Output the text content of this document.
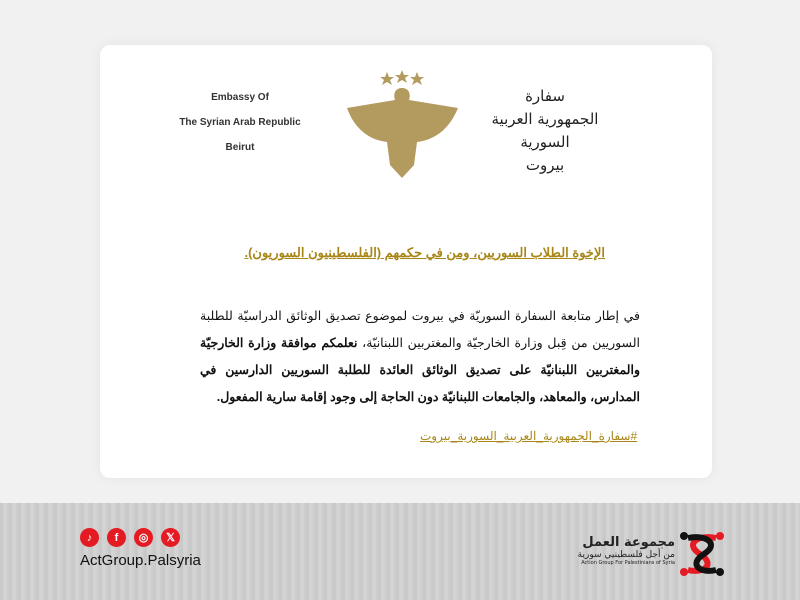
Embassy Of
The Syrian Arab Republic
Beirut
سفارة
الجمهورية العربية السورية
بيروت
الإخوة الطلاب السوريين، ومن في حكمهم (الفلسطينيون السوريون).
في إطار متابعة السفارة السوريّة في بيروت لموضوع تصديق الوثائق الدراسيّة للطلبة السوريين من قِبل وزارة الخارجيّة والمغتربين اللبنانيّة، نعلمكم موافقة وزارة الخارجيّة والمغتربين اللبنانيّة على تصديق الوثائق العائدة للطلبة السوريين الدارسين في المدارس، والمعاهد، والجامعات اللبنانيّة دون الحاجة إلى وجود إقامة سارية المفعول.
#سفارة_الجمهورية_العربية_السورية_بيروت
♪	f	◎	𝕏
ActGroup.Palsyria
مجموعة العمل
من أجل فلسطينيي سورية
Action Group For Palestinians of Syria
